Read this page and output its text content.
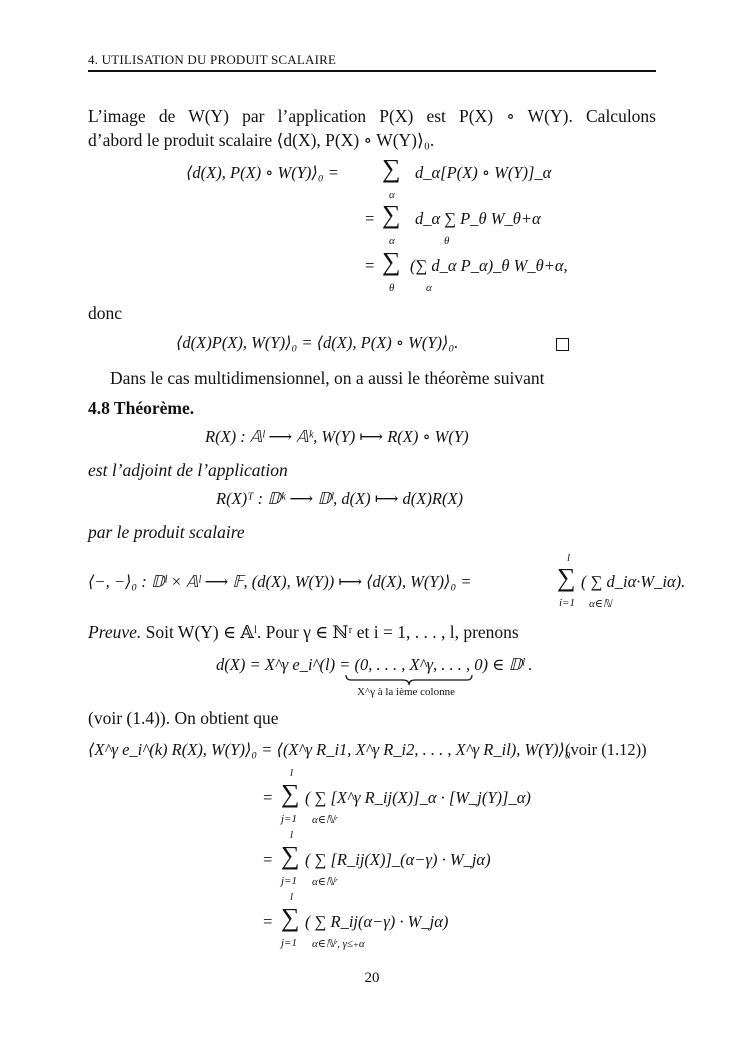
4. UTILISATION DU PRODUIT SCALAIRE
L’image de W(Y) par l’application P(X) est P(X) ∘ W(Y). Calculons
d’abord le produit scalaire ⟨d(X), P(X) ∘ W(Y)⟩₀.
⟨d(X), P(X) ∘ W(Y)⟩₀ = ∑
α
d_α[P(X) ∘ W(Y)]_α
= ∑
α
d_α ∑ P_θ W_θ+α
θ
= ∑
θ
(∑ d_α P_α)_θ W_θ+α,
α
donc
⟨d(X)P(X), W(Y)⟩₀ = ⟨d(X), P(X) ∘ W(Y)⟩₀.
Dans le cas multidimensionnel, on a aussi le théorème suivant
4.8 Théorème.
R(X) : 𝔸ˡ ⟶ 𝔸ᵏ, W(Y) ⟼ R(X) ∘ W(Y)
est l’adjoint de l’application
R(X)ᵀ : 𝔻ᵏ ⟶ 𝔻ˡ, d(X) ⟼ d(X)R(X)
par le produit scalaire
⟨−, −⟩₀ : 𝔻ˡ × 𝔸ˡ ⟶ 𝔽, (d(X), W(Y)) ⟼ ⟨d(X), W(Y)⟩₀ =
l
∑
i=1
( ∑ d_iα·W_iα).
α∈ℕ
Preuve. Soit W(Y) ∈ 𝔸ˡ. Pour γ ∈ ℕʳ et i = 1, . . . , l, prenons
d(X) = X^γ e_i^(l) = (0, . . . , X^γ, . . . , 0) ∈ 𝔻ˡ .
X^γ à la ième colonne
(voir (1.4)). On obtient que
⟨X^γ e_i^(k) R(X), W(Y)⟩₀ = ⟨(X^γ R_i1, X^γ R_i2, . . . , X^γ R_il), W(Y)⟩₀
(voir (1.12))
=
l
∑
j=1
( ∑ [X^γ R_ij(X)]_α · [W_j(Y)]_α)
α∈ℕʳ
=
l
∑
j=1
( ∑ [R_ij(X)]_(α−γ) · W_jα)
α∈ℕʳ
=
l
∑
j=1
( ∑ R_ij(α−γ) · W_jα)
α∈ℕʳ, γ≤₊α
20
